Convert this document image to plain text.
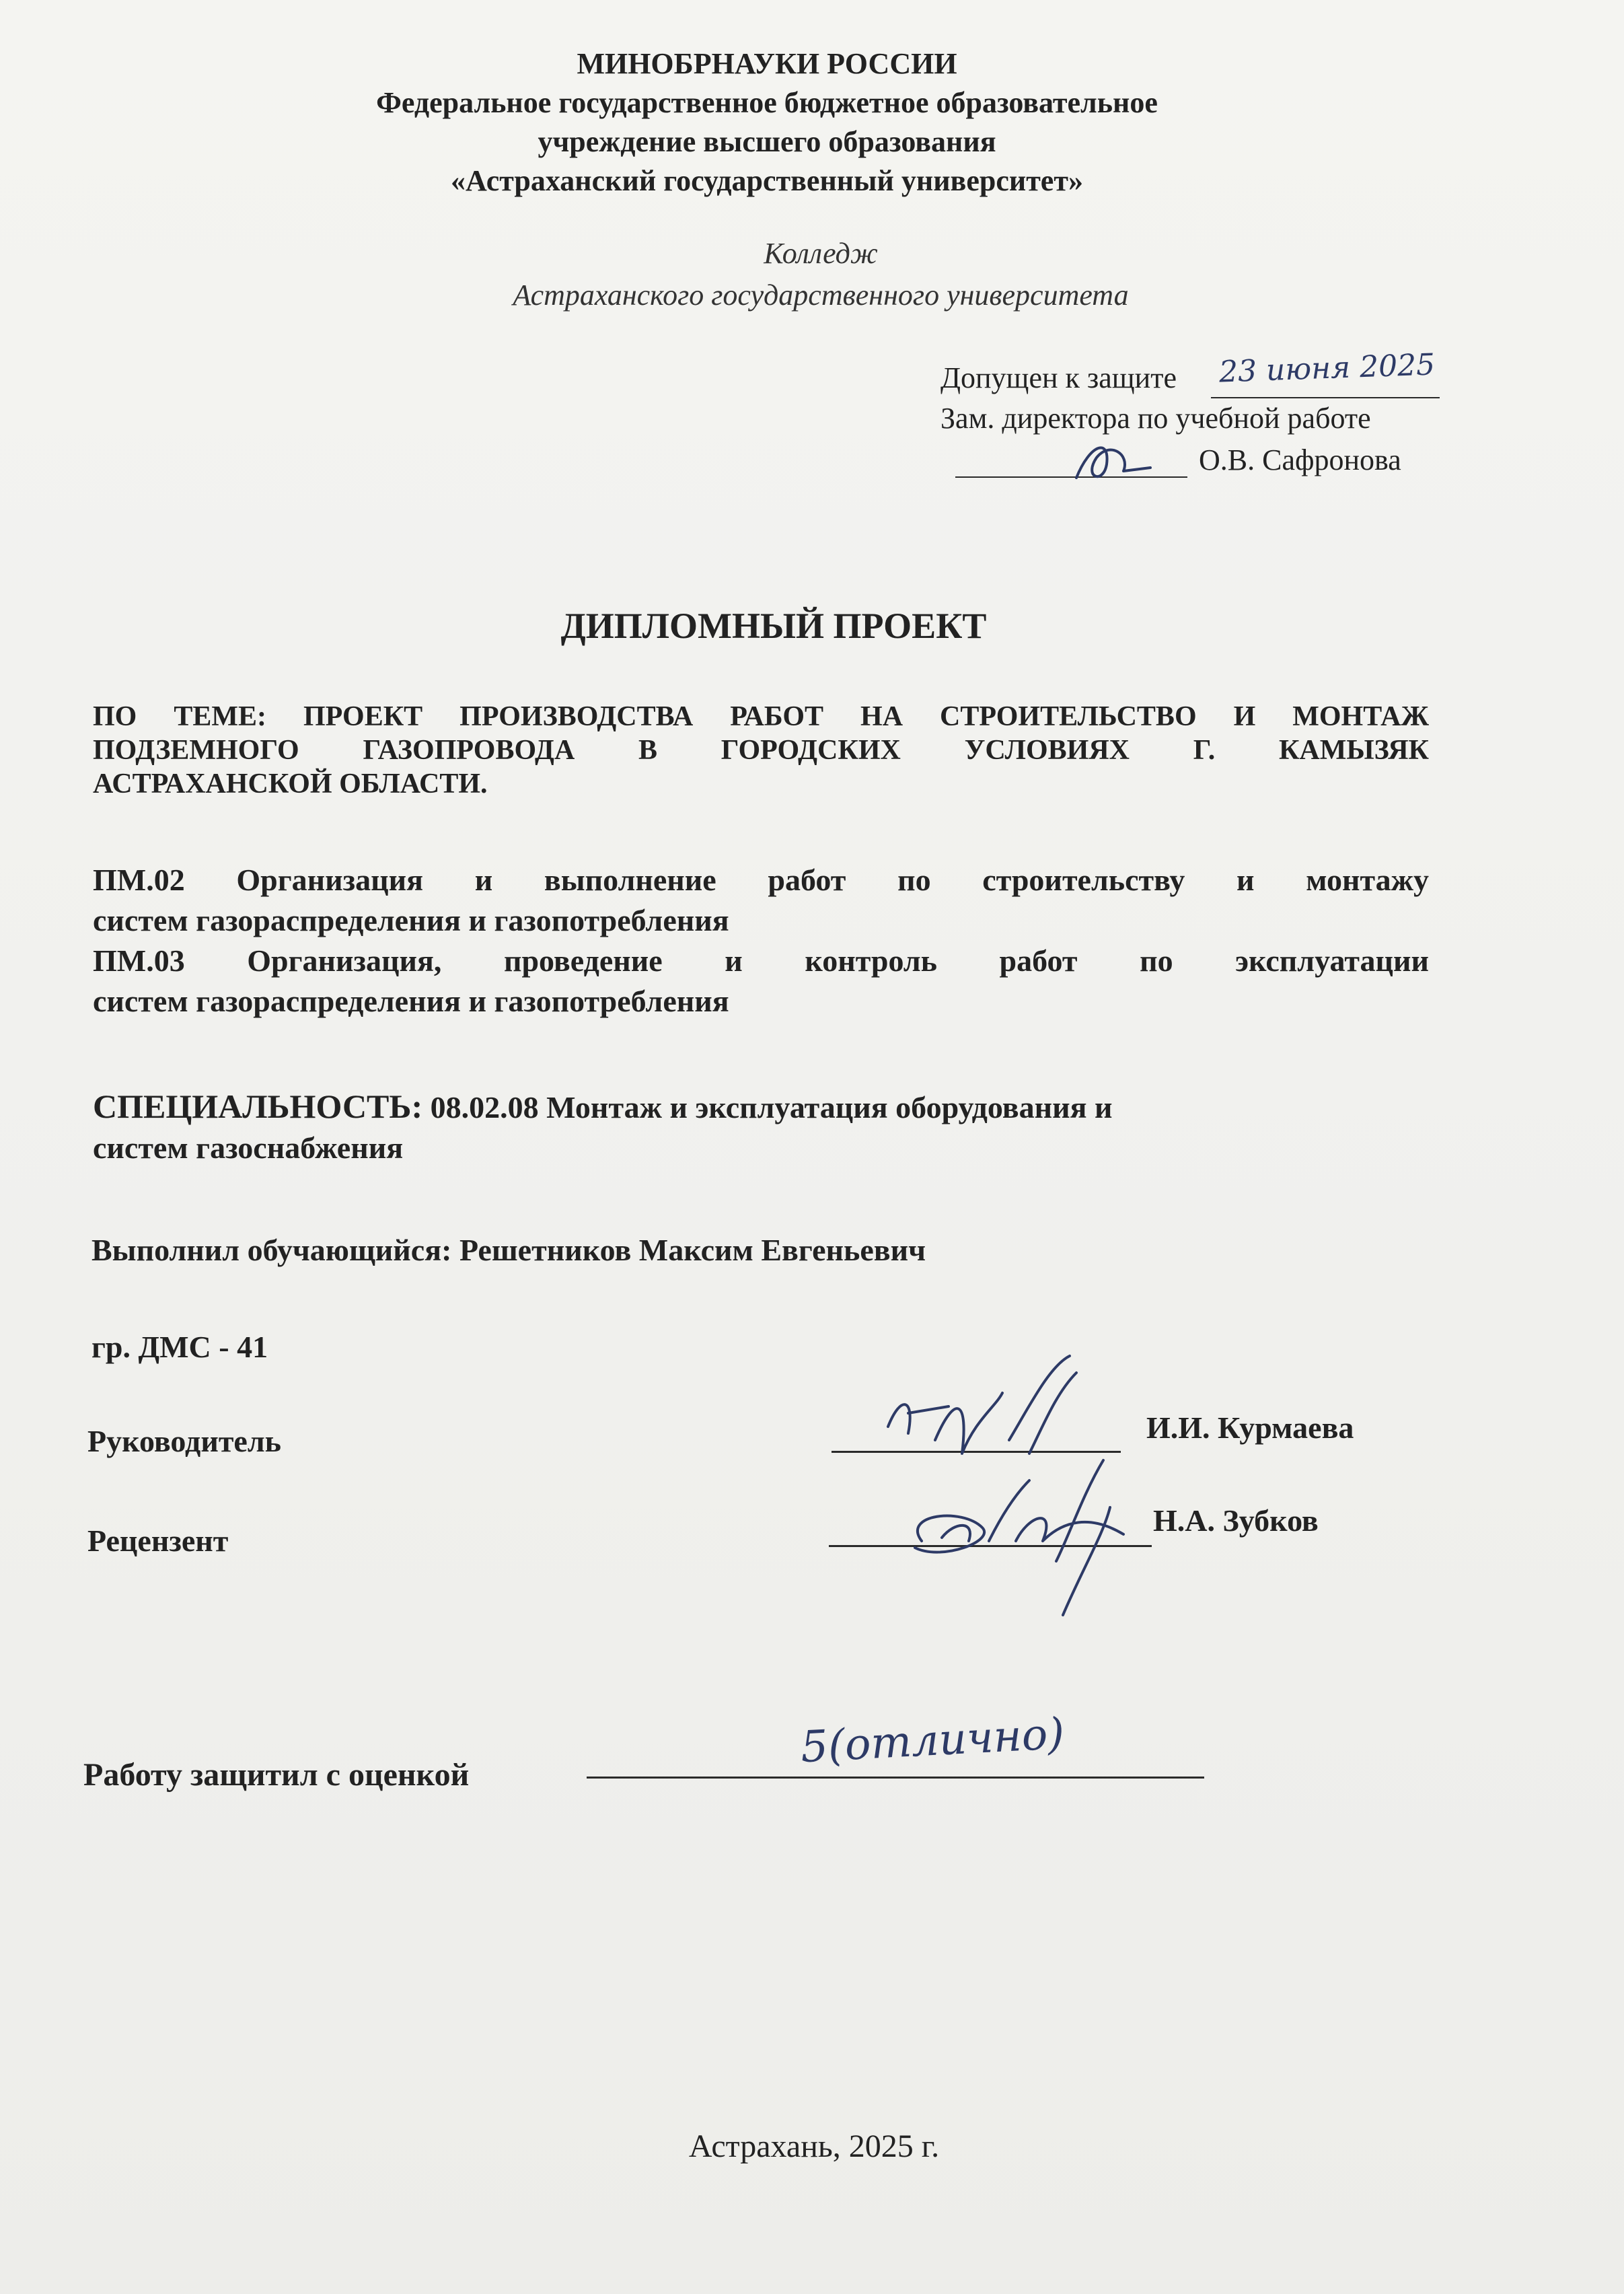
МИНОБРНАУКИ РОССИИ
Федеральное государственное бюджетное образовательное
учреждение высшего образования
«Астраханский государственный университет»
Колледж
Астраханского государственного университета
Допущен к защите 23 июня 2025
Зам. директора по учебной работе
О.В. Сафронова
ДИПЛОМНЫЙ ПРОЕКТ
ПО ТЕМЕ: ПРОЕКТ ПРОИЗВОДСТВА РАБОТ НА СТРОИТЕЛЬСТВО И МОНТАЖ
ПОДЗЕМНОГО ГАЗОПРОВОДА В ГОРОДСКИХ УСЛОВИЯХ Г. КАМЫЗЯК
АСТРАХАНСКОЙ ОБЛАСТИ.
ПМ.02 Организация и выполнение работ по строительству и монтажу
систем газораспределения и газопотребления
ПМ.03 Организация, проведение и контроль работ по эксплуатации
систем газораспределения и газопотребления
СПЕЦИАЛЬНОСТЬ: 08.02.08 Монтаж и эксплуатация оборудования и
систем газоснабжения
Выполнил обучающийся: Решетников Максим Евгеньевич
гр. ДМС - 41
Руководитель	И.И. Курмаева
Рецензент
Н.А. Зубков
Работу защитил с оценкой
5(отлично)
Астрахань, 2025 г.
